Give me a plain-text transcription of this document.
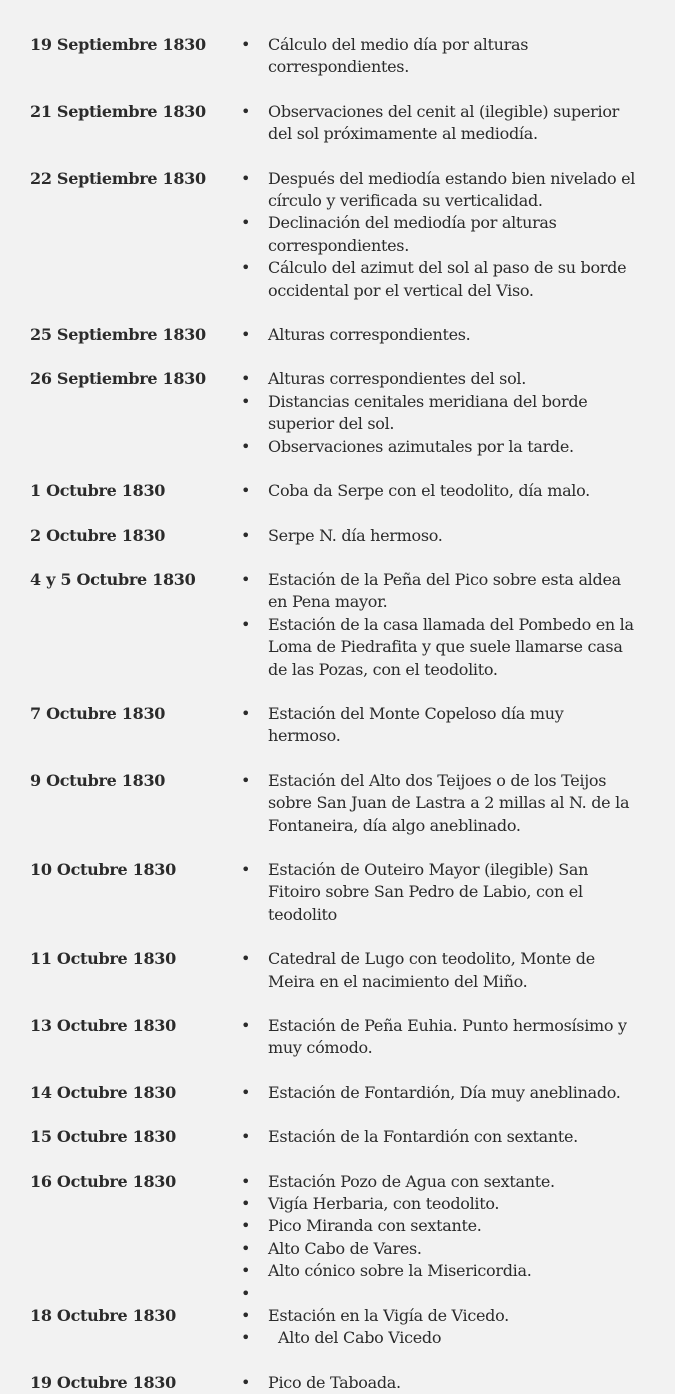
19 Septiembre 1830	• Cálculo del medio día por alturas correspondientes.
21 Septiembre 1830	• Observaciones del cenit al (ilegible) superior del sol próximamente al mediodía.
22 Septiembre 1830	• Después del mediodía estando bien nivelado el círculo y verificada su verticalidad.
• Declinación del mediodía por alturas correspondientes.
• Cálculo del azimut del sol al paso de su borde occidental por el vertical del Viso.
25 Septiembre 1830	• Alturas correspondientes.
26 Septiembre 1830	• Alturas correspondientes del sol.
• Distancias cenitales meridiana del borde superior del sol.
• Observaciones azimutales por la tarde.
1 Octubre 1830	• Coba da Serpe con el teodolito, día malo.
2 Octubre 1830	• Serpe N. día hermoso.
4 y 5 Octubre 1830	• Estación de la Peña del Pico sobre esta aldea en Pena mayor.
• Estación de la casa llamada del Pombedo en la Loma de Piedrafita y que suele llamarse casa de las Pozas, con el teodolito.
7 Octubre 1830	• Estación del Monte Copeloso día muy hermoso.
9 Octubre 1830	• Estación del Alto dos Teijoes o de los Teijos sobre San Juan de Lastra a 2 millas al N. de la Fontaneira, día algo aneblinado.
10 Octubre 1830	• Estación de Outeiro Mayor (ilegible) San Fitoiro sobre San Pedro de Labio, con el teodolito
11 Octubre 1830	• Catedral de Lugo con teodolito, Monte de Meira en el nacimiento del Miño.
13 Octubre 1830	• Estación de Peña Euhia. Punto hermosísimo y muy cómodo.
14 Octubre 1830	• Estación de Fontardión, Día muy aneblinado.
15 Octubre 1830	• Estación de la Fontardión con sextante.
16 Octubre 1830	• Estación Pozo de Agua con sextante.
• Vigía Herbaria, con teodolito.
• Pico Miranda con sextante.
• Alto Cabo de Vares.
• Alto cónico sobre la Misericordia.
•
18 Octubre 1830	• Estación en la Vigía de Vicedo.
• Alto del Cabo Vicedo
19 Octubre 1830	• Pico de Taboada.
